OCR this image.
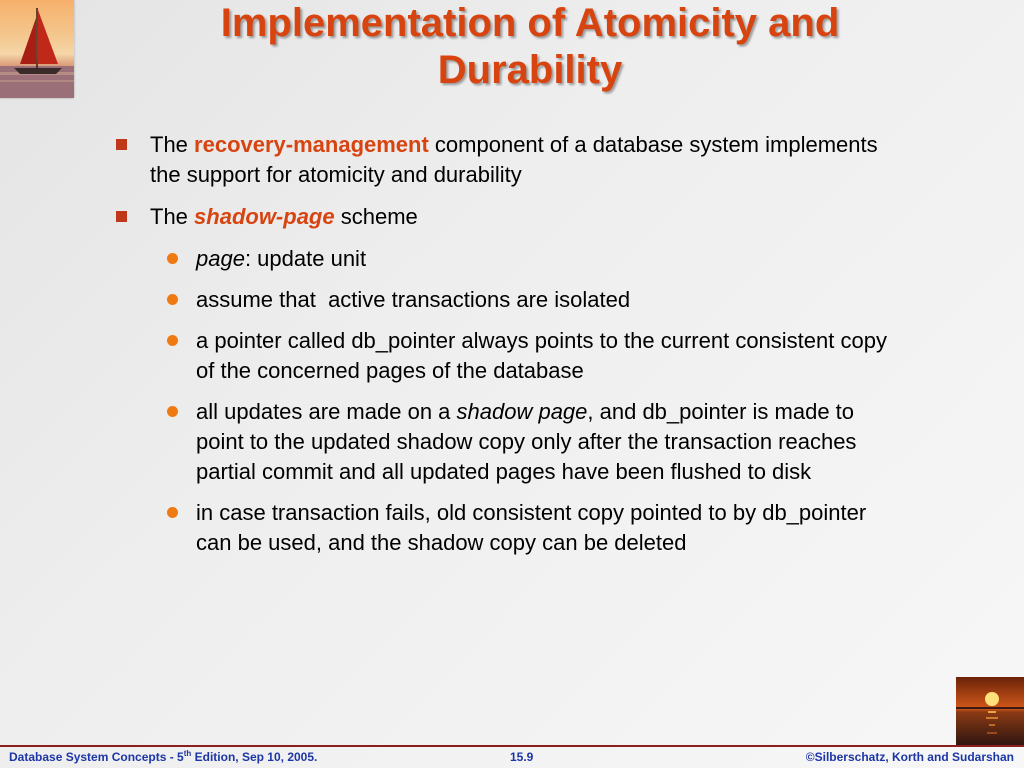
Implementation of Atomicity and
Durability
The recovery-management component of a database system implements the support for atomicity and durability
The shadow-page scheme
page: update unit
assume that  active transactions are isolated
a pointer called db_pointer always points to the current consistent copy of the concerned pages of the database
all updates are made on a shadow page, and db_pointer is made to point to the updated shadow copy only after the transaction reaches partial commit and all updated pages have been flushed to disk
in case transaction fails, old consistent copy pointed to by db_pointer can be used, and the shadow copy can be deleted
Database System Concepts - 5th Edition, Sep 10, 2005.	15.9	©Silberschatz, Korth and Sudarshan
